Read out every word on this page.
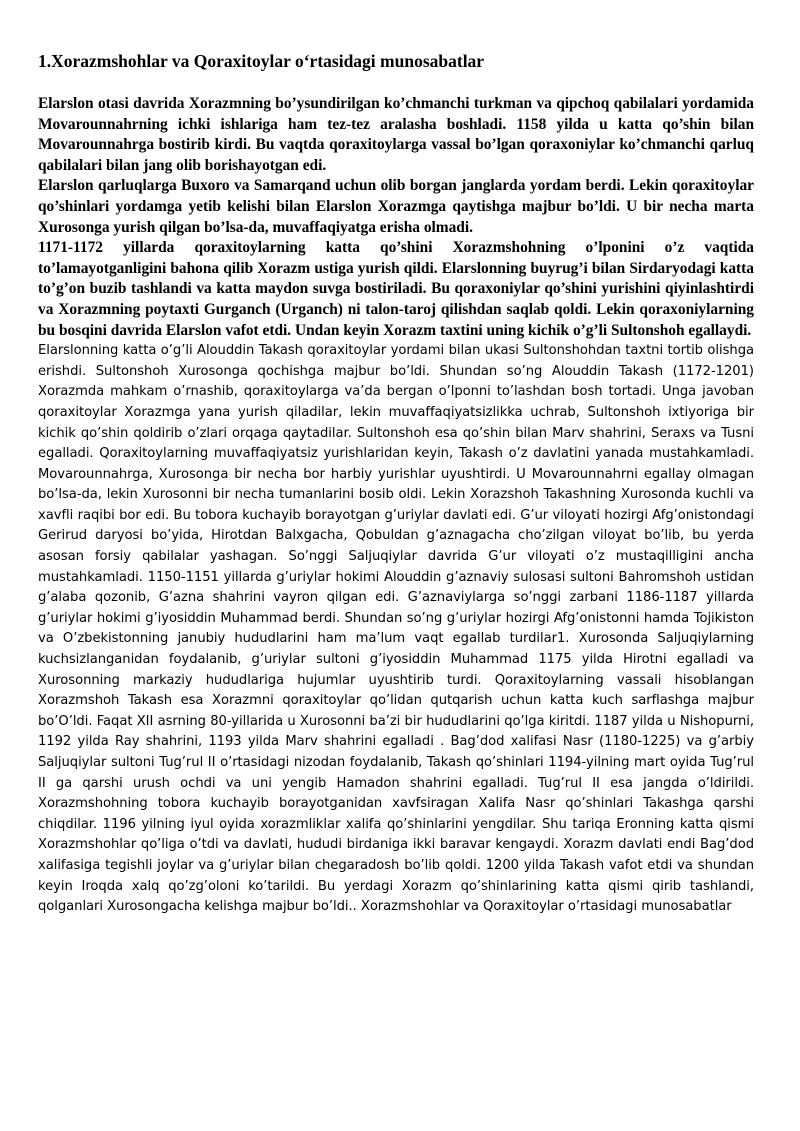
1.Xorazmshohlar va Qoraxitoylar o‘rtasidagi munosabatlar

Elarslon otasi davrida Xorazmning bo’ysundirilgan ko’chmanchi turkman va qipchoq qabilalari yordamida Movarounnahrning ichki ishlariga ham tez-tez aralasha boshladi. 1158 yilda u katta qo’shin bilan Movarounnahrga bostirib kirdi. Bu vaqtda qoraxitoylarga vassal bo’lgan qoraxoniylar ko’chmanchi qarluq qabilalari bilan jang olib borishayotgan edi.

Elarslon qarluqlarga Buxoro va Samarqand uchun olib borgan janglarda yordam berdi. Lekin qoraxitoylar qo’shinlari yordamga yetib kelishi bilan Elarslon Xorazmga qaytishga majbur bo’ldi. U bir necha marta Xurosonga yurish qilgan bo’lsa-da, muvaffaqiyatga erisha olmadi.

1171-1172 yillarda qoraxitoylarning katta qo’shini Xorazmshohning o’lponini o’z vaqtida to’lamayotganligini bahona qilib Xorazm ustiga yurish qildi. Elarslonning buyrug’i bilan Sirdaryodagi katta to’g’on buzib tashlandi va katta maydon suvga bostiriladi. Bu qoraxoniylar qo’shini yurishini qiyinlashtirdi va Xorazmning poytaxti Gurganch (Urganch) ni talon-taroj qilishdan saqlab qoldi. Lekin qoraxoniylarning bu bosqini davrida Elarslon vafot etdi. Undan keyin Xorazm taxtini uning kichik o’g’li Sultonshoh egallaydi.

Elarslonning katta o’g’li Alouddin Takash qoraxitoylar yordami bilan ukasi Sultonshohdan taxtni tortib olishga erishdi. Sultonshoh Xurosonga qochishga majbur bo’ldi. Shundan so’ng Alouddin Takash (1172-1201) Xorazmda mahkam o’rnashib, qoraxitoylarga va’da bergan o’lponni to’lashdan bosh tortadi. Unga javoban qoraxitoylar Xorazmga yana yurish qiladilar, lekin muvaffaqiyatsizlikka uchrab, Sultonshoh ixtiyoriga bir kichik qo’shin qoldirib o’zlari orqaga qaytadilar. Sultonshoh esa qo’shin bilan Marv shahrini, Seraxs va Tusni egalladi. Qoraxitoylarning muvaffaqiyatsiz yurishlaridan keyin, Takash o’z davlatini yanada mustahkamladi. Movarounnahrga, Xurosonga bir necha bor harbiy yurishlar uyushtirdi. U Movarounnahrni egallay olmagan bo’lsa-da, lekin Xurosonni bir necha tumanlarini bosib oldi. Lekin Xorazshoh Takashning Xurosonda kuchli va xavfli raqibi bor edi. Bu tobora kuchayib borayotgan g’uriylar davlati edi. G’ur viloyati hozirgi Afg’onistondagi Gerirud daryosi bo’yida, Hirotdan Balxgacha, Qobuldan g’aznagacha cho’zilgan viloyat bo’lib, bu yerda asosan forsiy qabilalar yashagan. So’nggi Saljuqiylar davrida G’ur viloyati o’z mustaqilligini ancha mustahkamladi. 1150-1151 yillarda g’uriylar hokimi Alouddin g’aznaviy sulosasi sultoni Bahromshoh ustidan g’alaba qozonib, G’azna shahrini vayron qilgan edi. G’aznaviylarga so’nggi zarbani 1186-1187 yillarda g’uriylar hokimi g’iyosiddin Muhammad berdi. Shundan so’ng g’uriylar hozirgi Afg’onistonni hamda Tojikiston va O’zbekistonning janubiy hududlarini ham ma’lum vaqt egallab turdilar1. Xurosonda Saljuqiylarning kuchsizlanganidan foydalanib, g’uriylar sultoni g’iyosiddin Muhammad 1175 yilda Hirotni egalladi va Xurosonning markaziy hududlariga hujumlar uyushtirib turdi. Qoraxitoylarning vassali hisoblangan Xorazmshoh Takash esa Xorazmni qoraxitoylar qo’lidan qutqarish uchun katta kuch sarflashga majbur bo’O’ldi. Faqat XII asrning 80-yillarida u Xurosonni ba’zi bir hududlarini qo’lga kiritdi. 1187 yilda u Nishopurni, 1192 yilda Ray shahrini, 1193 yilda Marv shahrini egalladi . Bag’dod xalifasi Nasr (1180-1225) va g’arbiy Saljuqiylar sultoni Tug’rul II o’rtasidagi nizodan foydalanib, Takash qo’shinlari 1194-yilning mart oyida Tug’rul II ga qarshi urush ochdi va uni yengib Hamadon shahrini egalladi. Tug’rul II esa jangda o’ldirildi. Xorazmshohning tobora kuchayib borayotganidan xavfsiragan Xalifa Nasr qo’shinlari Takashga qarshi chiqdilar. 1196 yilning iyul oyida xorazmliklar xalifa qo’shinlarini yengdilar. Shu tariqa Eronning katta qismi Xorazmshohlar qo’liga o’tdi va davlati, hududi birdaniga ikki baravar kengaydi. Xorazm davlati endi Bag’dod xalifasiga tegishli joylar va g’uriylar bilan chegaradosh bo’lib qoldi. 1200 yilda Takash vafot etdi va shundan keyin Iroqda xalq qo’zg’oloni ko’tarildi. Bu yerdagi Xorazm qo’shinlarining katta qismi qirib tashlandi, qolganlari Xurosongacha kelishga majbur bo’ldi.. Xorazmshohlar va Qoraxitoylar o’rtasidagi munosabatlar
